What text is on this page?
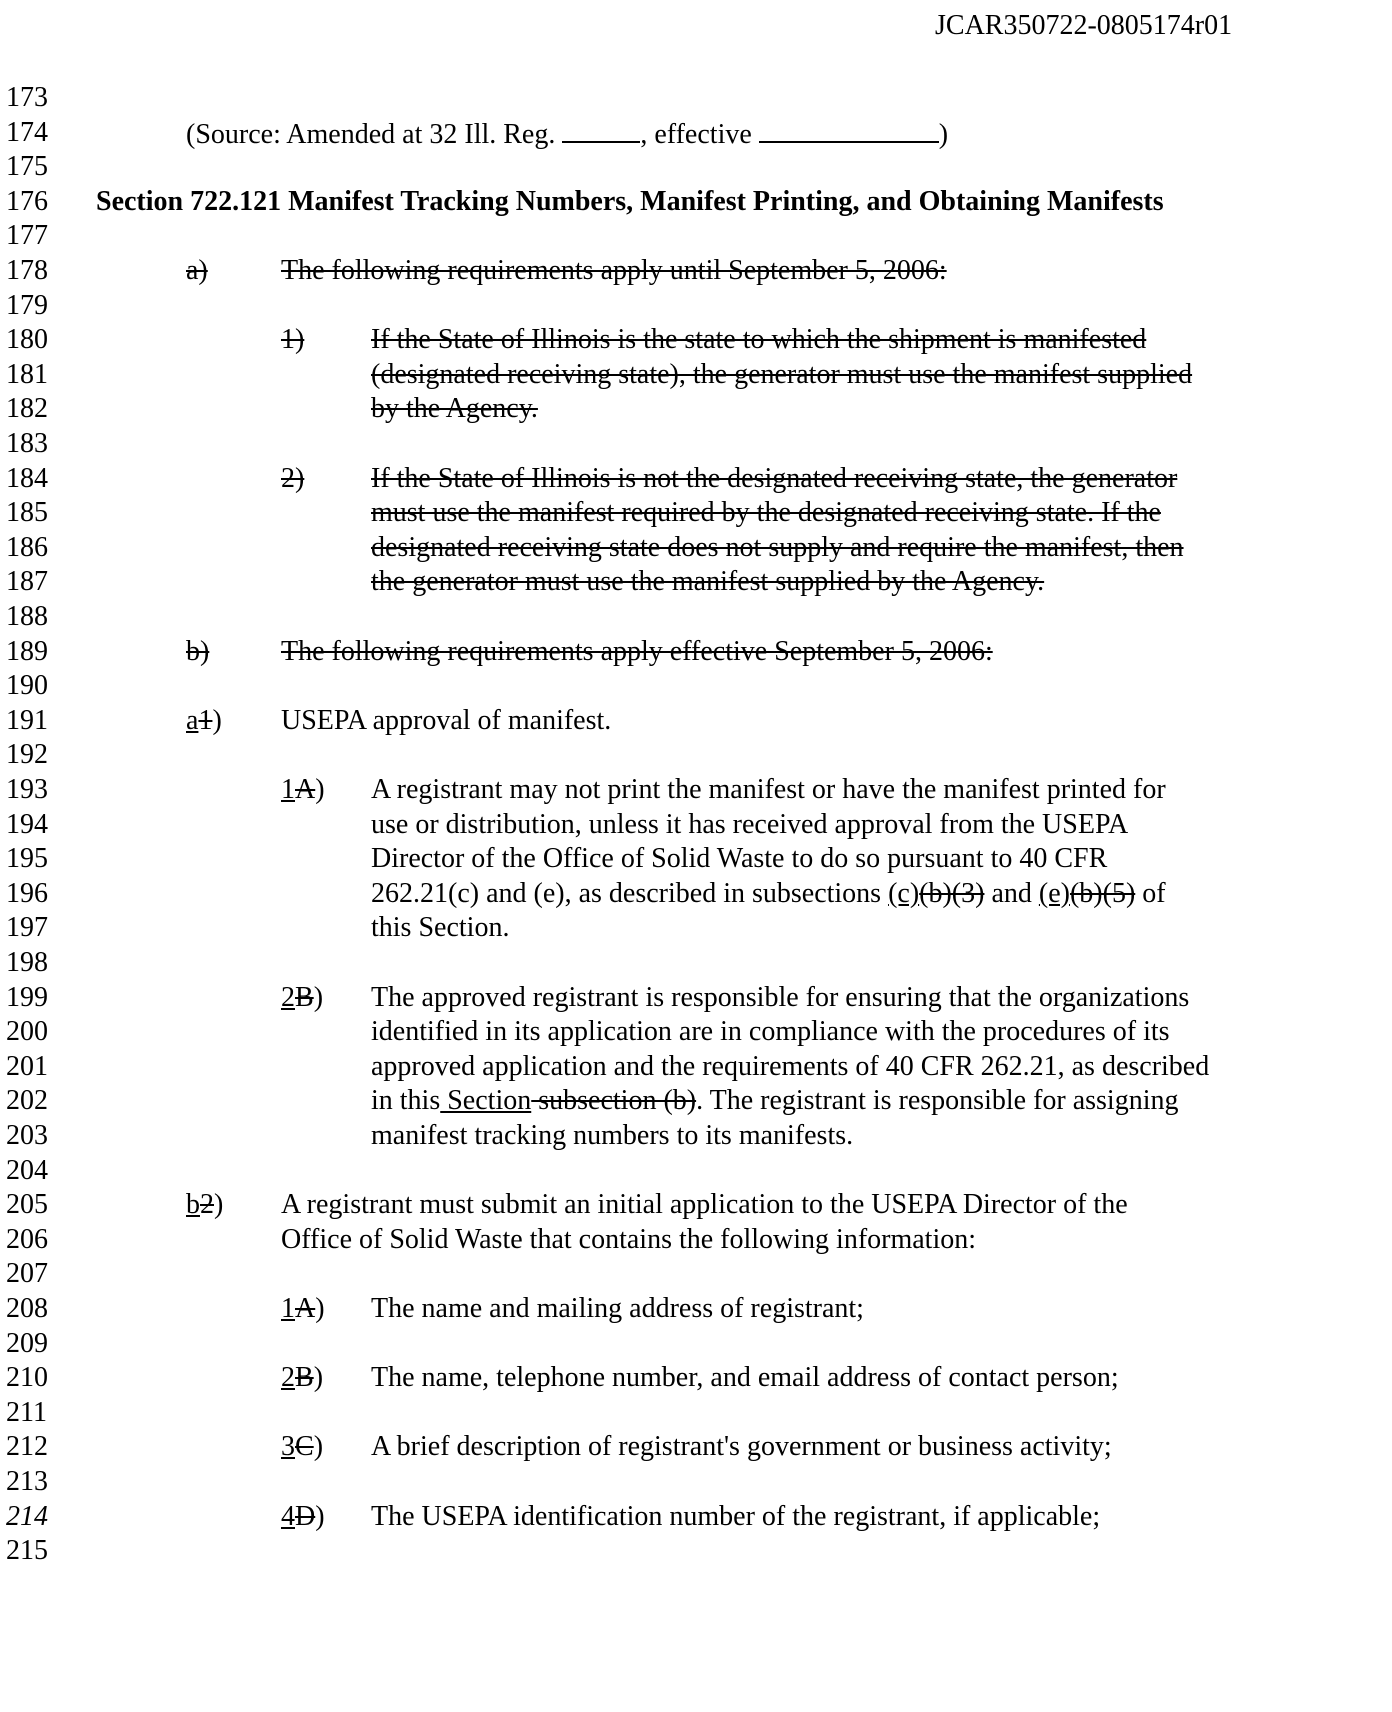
JCAR350722-0805174r01
173
174	(Source: Amended at 32 Ill. Reg.	, effective	)
175
176	Section 722.121 Manifest Tracking Numbers, Manifest Printing, and Obtaining Manifests
177
178	a)	The following requirements apply until September 5, 2006:
179
180	1) If the State of Illinois is the state to which the shipment is manifested
181	(designated receiving state), the generator must use the manifest supplied
182	by the Agency.
183
184	2) If the State of Illinois is not the designated receiving state, the generator
185	must use the manifest required by the designated receiving state. If the
186	designated receiving state does not supply and require the manifest, then
187	the generator must use the manifest supplied by the Agency.
188
189	b)	The following requirements apply effective September 5, 2006:
190
191	a1) USEPA approval of manifest.
192
193	1A) A registrant may not print the manifest or have the manifest printed for
194	use or distribution, unless it has received approval from the USEPA
195	Director of the Office of Solid Waste to do so pursuant to 40 CFR
196	262.21(c) and (e), as described in subsections (c)(b)(3) and (e)(b)(5) of
197	this Section.
198
199	2B) The approved registrant is responsible for ensuring that the organizations
200	identified in its application are in compliance with the procedures of its
201	approved application and the requirements of 40 CFR 262.21, as described
202	in this Section subsection (b). The registrant is responsible for assigning
203	manifest tracking numbers to its manifests.
204
205	b2) A registrant must submit an initial application to the USEPA Director of the
206	Office of Solid Waste that contains the following information:
207
208	1A) The name and mailing address of registrant;
209
210	2B) The name, telephone number, and email address of contact person;
211
212	3C) A brief description of registrant's government or business activity;
213
214	4D) The USEPA identification number of the registrant, if applicable;
215
